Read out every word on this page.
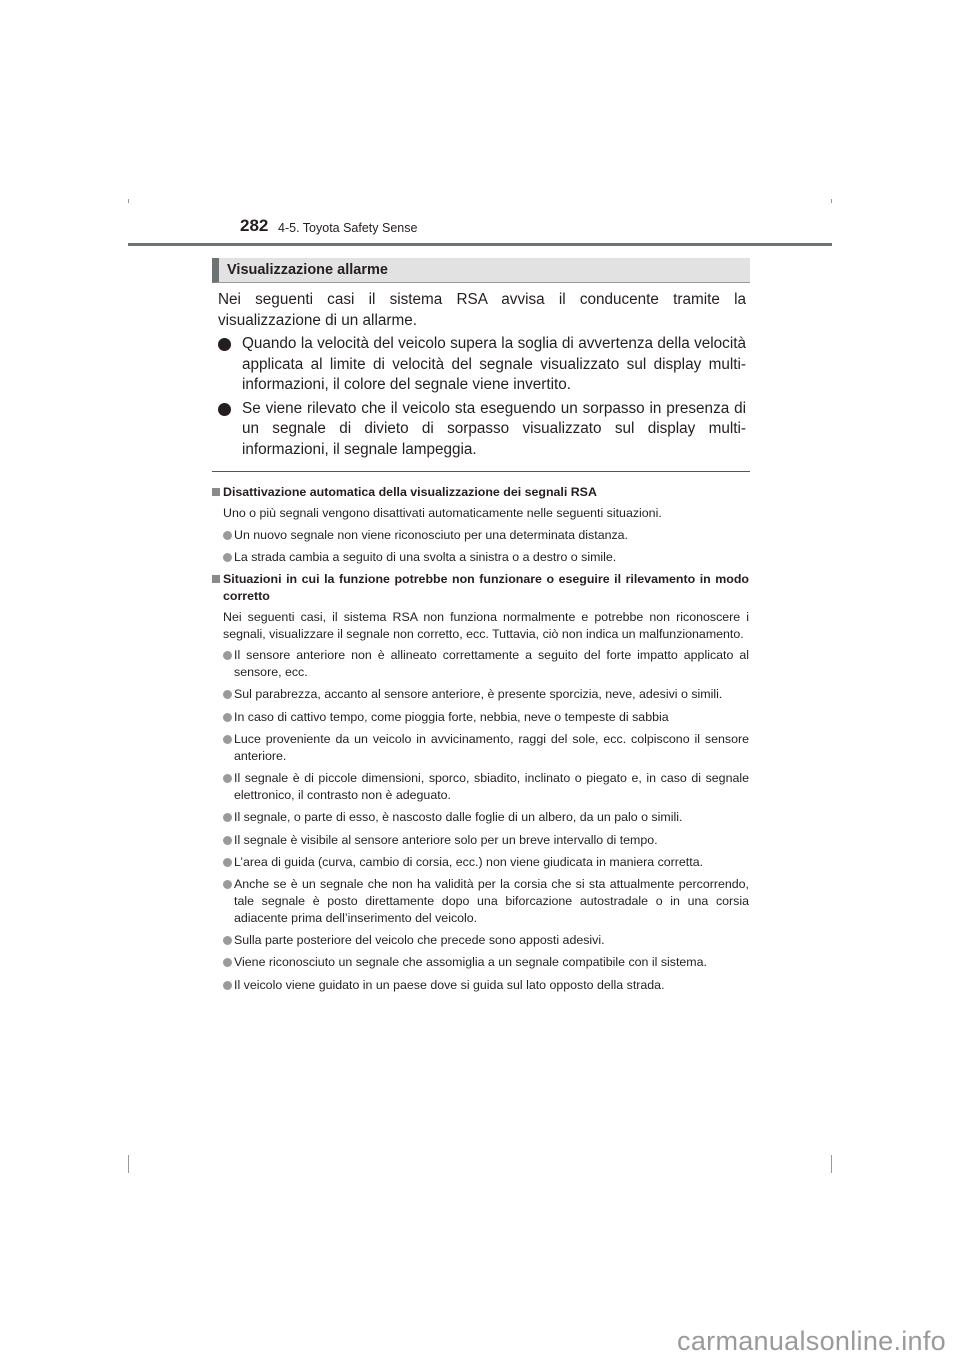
282 4-5. Toyota Safety Sense
Visualizzazione allarme

Nei seguenti casi il sistema RSA avvisa il conducente tramite la visualizzazione di un allarme.

Quando la velocità del veicolo supera la soglia di avvertenza della velocità applicata al limite di velocità del segnale visualizzato sul display multi-informazioni, il colore del segnale viene invertito.
Se viene rilevato che il veicolo sta eseguendo un sorpasso in presenza di un segnale di divieto di sorpasso visualizzato sul display multi-informazioni, il segnale lampeggia.
Disattivazione automatica della visualizzazione dei segnali RSA
Uno o più segnali vengono disattivati automaticamente nelle seguenti situazioni.
Un nuovo segnale non viene riconosciuto per una determinata distanza.
La strada cambia a seguito di una svolta a sinistra o a destro o simile.
Situazioni in cui la funzione potrebbe non funzionare o eseguire il rilevamento in modo corretto
Nei seguenti casi, il sistema RSA non funziona normalmente e potrebbe non riconoscere i segnali, visualizzare il segnale non corretto, ecc. Tuttavia, ciò non indica un malfunzionamento.
Il sensore anteriore non è allineato correttamente a seguito del forte impatto applicato al sensore, ecc.
Sul parabrezza, accanto al sensore anteriore, è presente sporcizia, neve, adesivi o simili.
In caso di cattivo tempo, come pioggia forte, nebbia, neve o tempeste di sabbia
Luce proveniente da un veicolo in avvicinamento, raggi del sole, ecc. colpiscono il sensore anteriore.
Il segnale è di piccole dimensioni, sporco, sbiadito, inclinato o piegato e, in caso di segnale elettronico, il contrasto non è adeguato.
Il segnale, o parte di esso, è nascosto dalle foglie di un albero, da un palo o simili.
Il segnale è visibile al sensore anteriore solo per un breve intervallo di tempo.
L’area di guida (curva, cambio di corsia, ecc.) non viene giudicata in maniera corretta.
Anche se è un segnale che non ha validità per la corsia che si sta attualmente percorrendo, tale segnale è posto direttamente dopo una biforcazione autostradale o in una corsia adiacente prima dell’inserimento del veicolo.
Sulla parte posteriore del veicolo che precede sono apposti adesivi.
Viene riconosciuto un segnale che assomiglia a un segnale compatibile con il sistema.
Il veicolo viene guidato in un paese dove si guida sul lato opposto della strada.
carmanualsonline.info
